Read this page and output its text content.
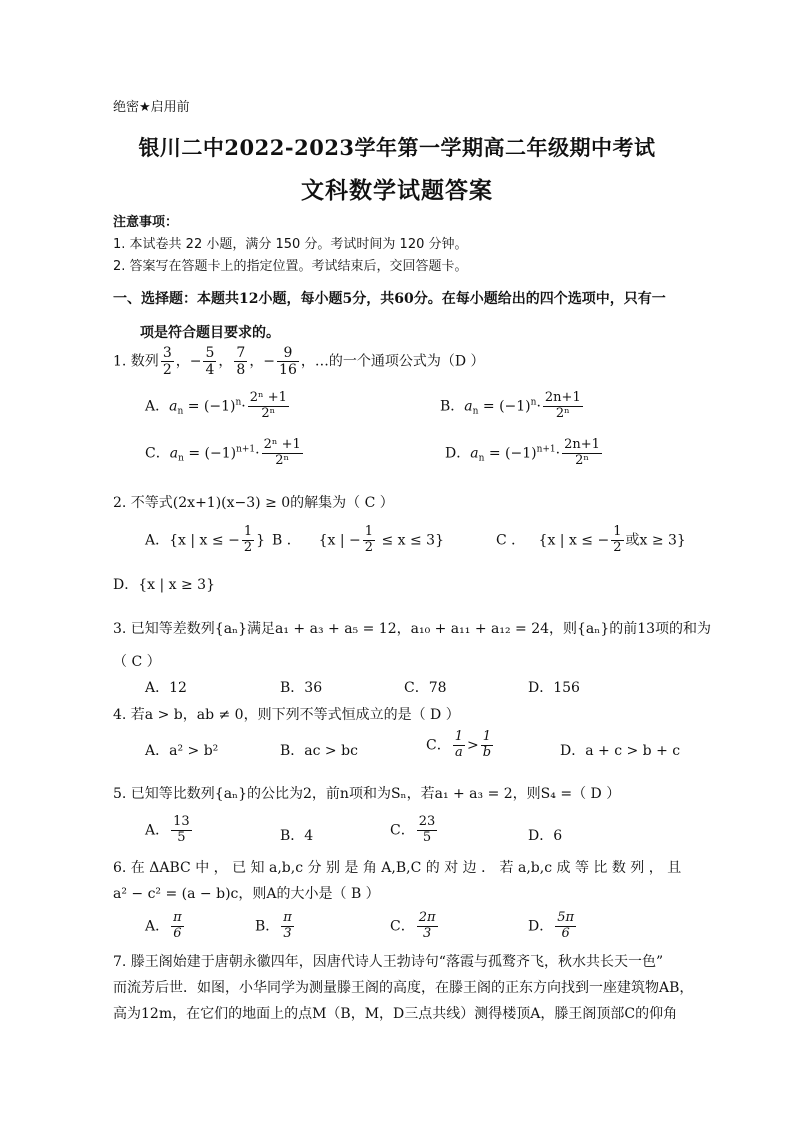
绝密★启用前
银川二中2022-2023学年第一学期高二年级期中考试
文科数学试题答案
注意事项：
1. 本试卷共 22 小题，满分 150 分。考试时间为 120 分钟。
2. 答案写在答题卡上的指定位置。考试结束后，交回答题卡。
一、选择题：本题共12小题，每小题5分，共60分。在每小题给出的四个选项中，只有一
项是符合题目要求的。
1. 数列 $\frac{3}{2}$ ，− $\frac{5}{4}$ ， $\frac{7}{8}$ ，− $\frac{9}{16}$ ，…的一个通项公式为（D ）
A．$a_n = (-1)^n\cdot \frac{\text{2ⁿ +1}}{\text{2ⁿ}}$	B．$a_n = (-1)^n\cdot \frac{2n+1}{\text{2ⁿ}}$
C．$a_n = (-1)^{n+1}\cdot \frac{\text{2ⁿ +1}}{\text{2ⁿ}}$	D．$a_n = (-1)^{n+1}\cdot \frac{2n+1}{\text{2ⁿ}}$
2. 不等式(2x+1)(x−3) ≥ 0的解集为（ C ）
A．{x | x ≤ − $\frac{1}{2}$ } B ． {x | − $\frac{1}{2} \le x \le 3$}	C ． {x | x ≤ − $\frac{1}{2}$ 或x ≥ 3}
D．{x | x ≥ 3}
3. 已知等差数列{aₙ}满足a₁ + a₃ + a₅ = 12，a₁₀ + a₁₁ + a₁₂ = 24，则{aₙ}的前13项的和为
（ C ）
A．12	B．36	C．78	D．156
4. 若a > b，ab ≠ 0，则下列不等式恒成立的是（ D ）
A．a² > b²	B．ac > bc	C． $\frac{1}{a} > \frac{1}{b}$	D．a + c > b + c
5. 已知等比数列{aₙ}的公比为2，前n项和为Sₙ，若a₁ + a₃ = 2，则S₄ =（ D ）
A． $\frac{13}{5}$	B．4	C． $\frac{23}{5}$	D．6
6. 在 ΔABC 中 ， 已 知 a,b,c 分 别 是 角 A,B,C 的 对 边 ． 若 a,b,c 成 等 比 数 列 ， 且
a² − c² = (a − b)c，则A的大小是（ B ）
A． $\frac{\pi}{6}$	B． $\frac{\pi}{3}$	C． $\frac{2\pi}{3}$	D． $\frac{5\pi}{6}$
7. 滕王阁始建于唐朝永徽四年，因唐代诗人王勃诗句“落霞与孤鹜齐飞，秋水共长天一色”
而流芳后世．如图，小华同学为测量滕王阁的高度，在滕王阁的正东方向找到一座建筑物AB，
高为12m，在它们的地面上的点M（B，M，D三点共线）测得楼顶A，滕王阁顶部C的仰角
